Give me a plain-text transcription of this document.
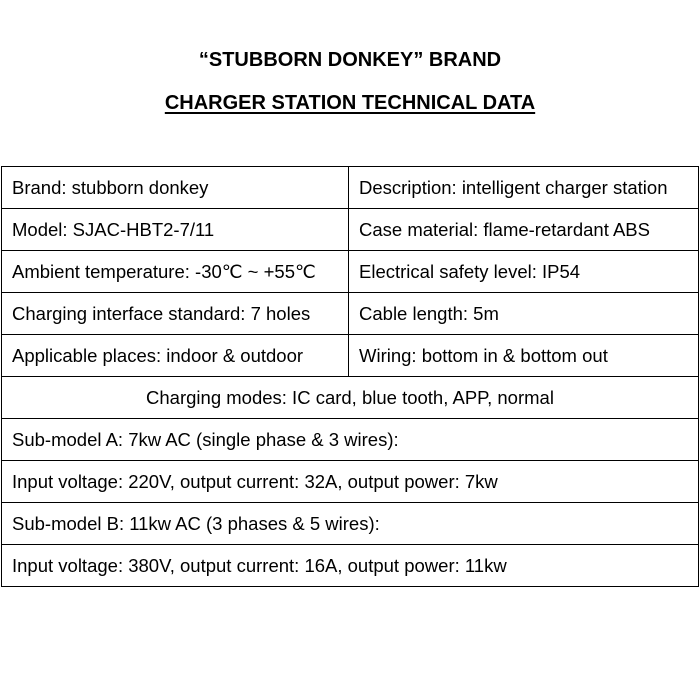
“STUBBORN DONKEY” BRAND
CHARGER STATION TECHNICAL DATA
Brand: stubborn donkey	Description: intelligent charger station
Model: SJAC-HBT2-7/11	Case material: flame-retardant ABS
Ambient temperature: -30℃ ~ +55℃	Electrical safety level: IP54
Charging interface standard: 7 holes	Cable length: 5m
Applicable places: indoor & outdoor	Wiring: bottom in & bottom out
Charging modes: IC card, blue tooth, APP, normal	
Sub-model A: 7kw AC (single phase & 3 wires):	
Input voltage: 220V, output current: 32A, output power: 7kw	
Sub-model B: 11kw AC (3 phases & 5 wires):	
Input voltage: 380V, output current: 16A, output power: 11kw	
